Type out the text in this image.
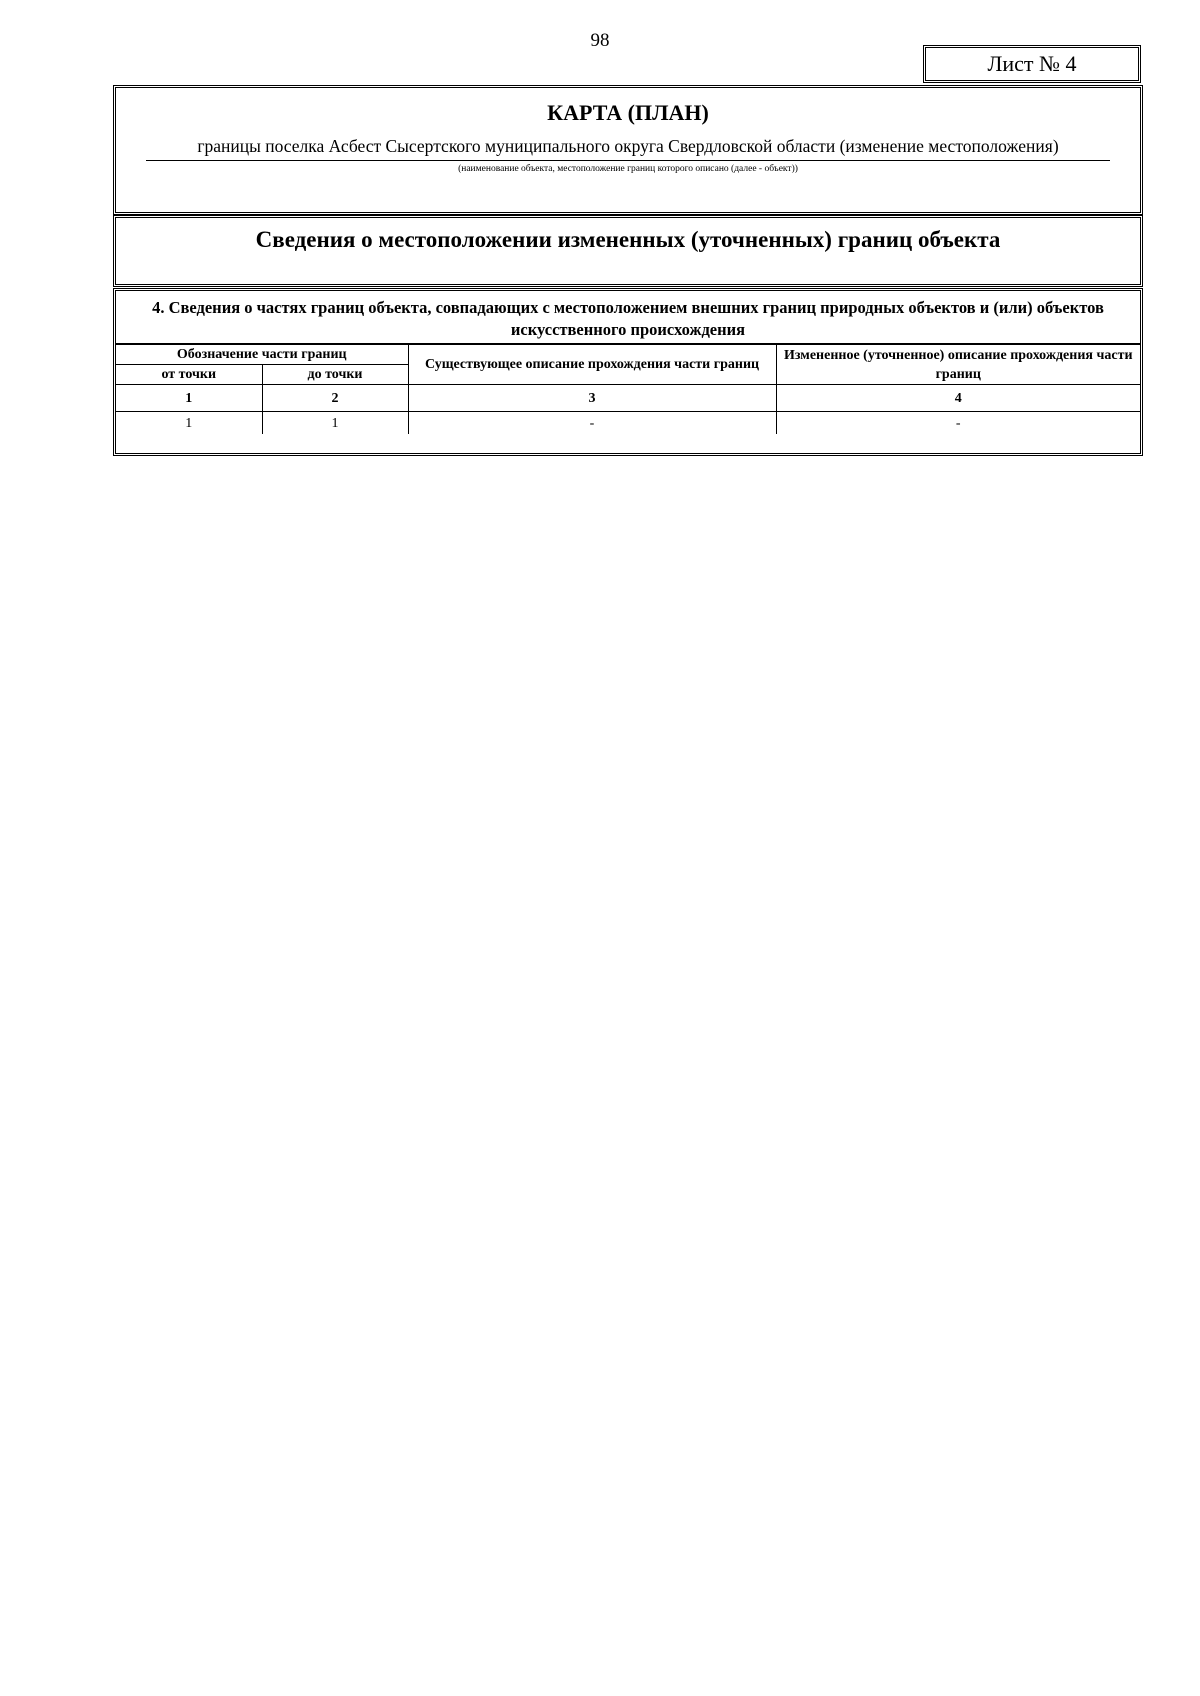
98
Лист № 4
КАРТА (ПЛАН)
границы поселка Асбест Сысертского муниципального округа Свердловской области (изменение местоположения)
(наименование объекта, местоположение границ которого описано (далее - объект))
Сведения о местоположении измененных (уточненных) границ объекта
4. Сведения о частях границ объекта, совпадающих с местоположением внешних границ природных объектов и (или) объектов искусственного происхождения
Обозначение части границ		Существующее описание прохождения части границ	Измененное (уточненное) описание прохождения части границ
от точки	до точки		
1	2	3	4
1	1	-	-
